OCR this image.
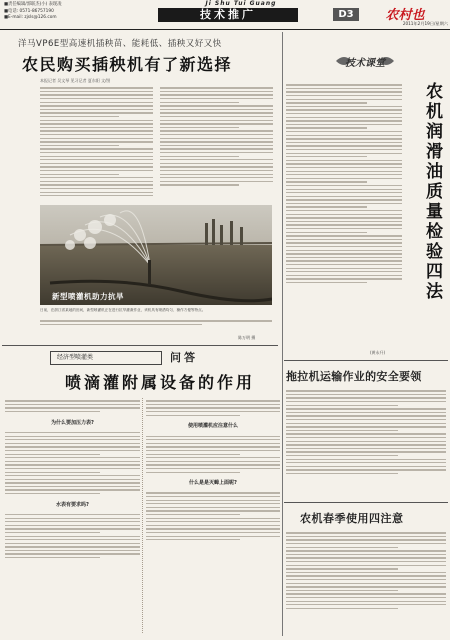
■责任编辑/郭联杰(小) 表现凌
■电话: 0571-86757190
■E-mail: zjsls@126.com
Ji Shu Tui Guang
技术推广	D3	农村也
2011年2月19日/星期六
洋马VP6E型高速机插秧苗、能耗低、插秧又好又快
农民购买插秧机有了新选择
本报记者 吴文琴 见习记者 夏东阳 文/图
新型喷灌机助力抗旱
日前，在浙江省某地的田间，新型喷灌机正在进行抗旱灌溉作业，该机具有喷洒均匀、操作方便等特点。
陈万明 摄
经济型喷灌类	问答
喷滴灌附属设备的作用
为什么要加压力表?
水表有要求吗?
使用喷灌机应注意什么
什么是是灭蟑上面呢?
技术课堂
(黄永升)
农机润滑油质量检验四法
拖拉机运输作业的安全要领
农机春季使用四注意
